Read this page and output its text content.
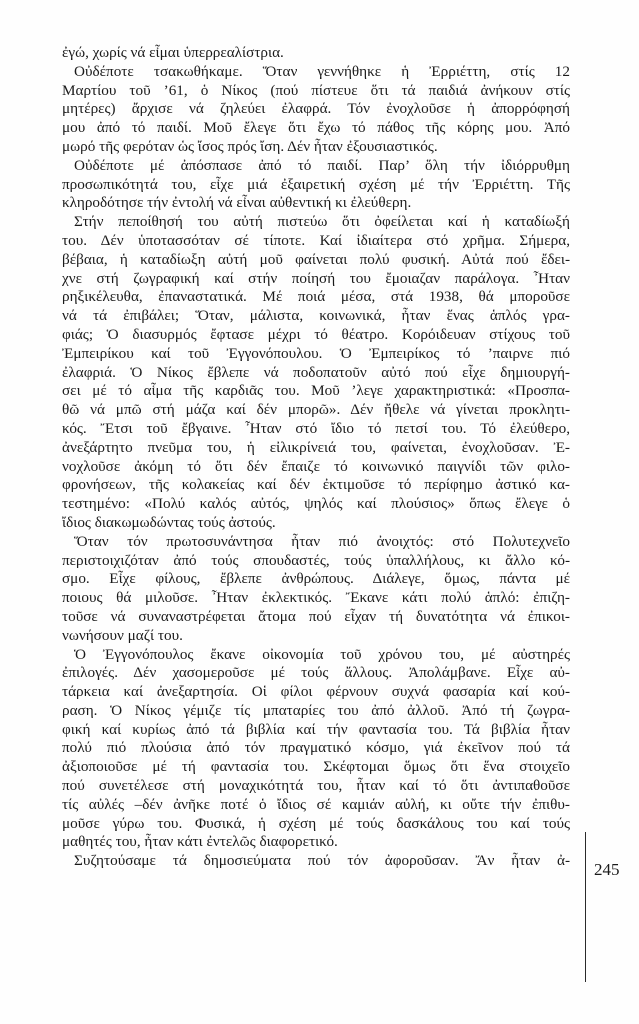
ἐγώ, χωρίς νά εἶμαι ὑπερρεαλίστρια.
Οὐδέποτε τσακωθήκαμε. Ὅταν γεννήθηκε ἡ Ἐρριέττη, στίς 12
Μαρτίου τοῦ ’61, ὁ Νίκος (πού πίστευε ὅτι τά παιδιά ἀνήκουν στίς
μητέρες) ἄρχισε νά ζηλεύει ἐλαφρά. Τόν ἐνοχλοῦσε ἡ ἀπορρόφησή
μου ἀπό τό παιδί. Μοῦ ἔλεγε ὅτι ἔχω τό πάθος τῆς κόρης μου. Ἀπό
μωρό τῆς φερόταν ὡς ἴσος πρός ἴση. Δέν ἦταν ἐξουσιαστικός.
Οὐδέποτε μέ ἀπόσπασε ἀπό τό παιδί. Παρ’ ὅλη τήν ἰδιόρρυθμη
προσωπικότητά του, εἶχε μιά ἐξαιρετική σχέση μέ τήν Ἐρριέττη. Τῆς
κληροδότησε τήν ἐντολή νά εἶναι αὐθεντική κι ἐλεύθερη.
Στήν πεποίθησή του αὐτή πιστεύω ὅτι ὀφείλεται καί ἡ καταδίωξή
του. Δέν ὑποτασσόταν σέ τίποτε. Καί ἰδιαίτερα στό χρῆμα. Σήμερα,
βέβαια, ἡ καταδίωξη αὐτή μοῦ φαίνεται πολύ φυσική. Αὐτά πού ἔδει-
χνε στή ζωγραφική καί στήν ποίησή του ἔμοιαζαν παράλογα. Ἦταν
ρηξικέλευθα, ἐπαναστατικά. Μέ ποιά μέσα, στά 1938, θά μποροῦσε
νά τά ἐπιβάλει; Ὅταν, μάλιστα, κοινωνικά, ἦταν ἕνας ἁπλός γρα-
φιάς; Ὁ διασυρμός ἔφτασε μέχρι τό θέατρο. Κορόιδευαν στίχους τοῦ
Ἐμπειρίκου καί τοῦ Ἐγγονόπουλου. Ὁ Ἐμπειρίκος τό ’παιρνε πιό
ἐλαφριά. Ὁ Νίκος ἔβλεπε νά ποδοπατοῦν αὐτό πού εἶχε δημιουργή-
σει μέ τό αἷμα τῆς καρδιᾶς του. Μοῦ ’λεγε χαρακτηριστικά: «Προσπα-
θῶ νά μπῶ στή μάζα καί δέν μπορῶ». Δέν ἤθελε νά γίνεται προκλητι-
κός. Ἔτσι τοῦ ἔβγαινε. Ἦταν στό ἴδιο τό πετσί του. Τό ἐλεύθερο,
ἀνεξάρτητο πνεῦμα του, ἡ εἰλικρίνειά του, φαίνεται, ἐνοχλοῦσαν. Ἐ-
νοχλοῦσε ἀκόμη τό ὅτι δέν ἔπαιζε τό κοινωνικό παιγνίδι τῶν φιλο-
φρονήσεων, τῆς κολακείας καί δέν ἐκτιμοῦσε τό περίφημο ἀστικό κα-
τεστημένο: «Πολύ καλός αὐτός, ψηλός καί πλούσιος» ὅπως ἔλεγε ὁ
ἴδιος διακωμωδώντας τούς ἀστούς.
Ὅταν τόν πρωτοσυνάντησα ἦταν πιό ἀνοιχτός: στό Πολυτεχνεῖο
περιστοιχιζόταν ἀπό τούς σπουδαστές, τούς ὑπαλλήλους, κι ἄλλο κό-
σμο. Εἶχε φίλους, ἔβλεπε ἀνθρώπους. Διάλεγε, ὅμως, πάντα μέ
ποιους θά μιλοῦσε. Ἦταν ἐκλεκτικός. Ἔκανε κάτι πολύ ἁπλό: ἐπιζη-
τοῦσε νά συναναστρέφεται ἄτομα πού εἶχαν τή δυνατότητα νά ἐπικοι-
νωνήσουν μαζί του.
Ὁ Ἐγγονόπουλος ἔκανε οἰκονομία τοῦ χρόνου του, μέ αὐστηρές
ἐπιλογές. Δέν χασομεροῦσε μέ τούς ἄλλους. Ἀπολάμβανε. Εἶχε αὐ-
τάρκεια καί ἀνεξαρτησία. Οἱ φίλοι φέρνουν συχνά φασαρία καί κού-
ραση. Ὁ Νίκος γέμιζε τίς μπαταρίες του ἀπό ἀλλοῦ. Ἀπό τή ζωγρα-
φική καί κυρίως ἀπό τά βιβλία καί τήν φαντασία του. Τά βιβλία ἦταν
πολύ πιό πλούσια ἀπό τόν πραγματικό κόσμο, γιά ἐκεῖνον πού τά
ἀξιοποιοῦσε μέ τή φαντασία του. Σκέφτομαι ὅμως ὅτι ἕνα στοιχεῖο
πού συνετέλεσε στή μοναχικότητά του, ἦταν καί τό ὅτι ἀντιπαθοῦσε
τίς αὐλές –δέν ἀνῆκε ποτέ ὁ ἴδιος σέ καμιάν αὐλή, κι οὔτε τήν ἐπιθυ-
μοῦσε γύρω του. Φυσικά, ἡ σχέση μέ τούς δασκάλους του καί τούς
μαθητές του, ἦταν κάτι ἐντελῶς διαφορετικό.
Συζητούσαμε τά δημοσιεύματα πού τόν ἀφοροῦσαν. Ἄν ἦταν ἀ- 245
